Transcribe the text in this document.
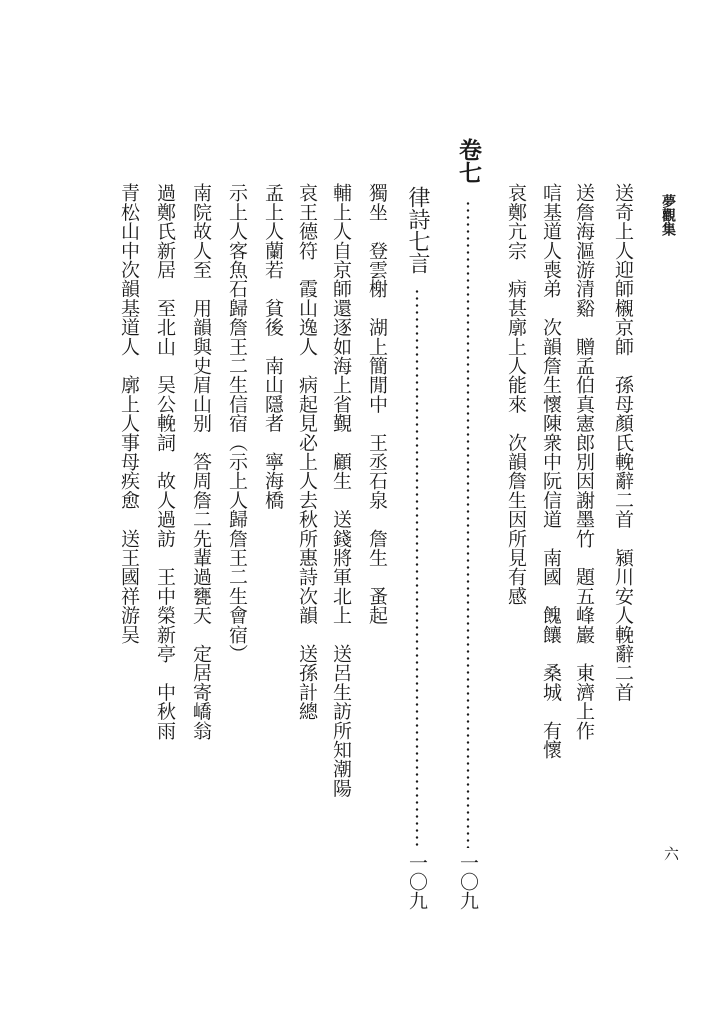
夢觀集
六
送奇上人迎師櫬京師　孫母顏氏輓辭二首　潁川安人輓辭二首
送詹海漚游清谿　贈孟伯真憲郎別因謝墨竹　題五峰巖　東濟上作
唁基道人喪弟　次韻詹生懷陳衆中阮信道　南國　餽饟　桑城　有懷
哀鄭亢宗　病甚廓上人能來　次韻詹生因所見有感
卷七
一〇九
律詩七言
一〇九
獨坐　登雲榭　湖上簡閒中　王丞石泉　詹生　蚤起
輔上人自京師還逐如海上省覲　顧生　送錢將軍北上　送呂生訪所知潮陽
哀王德符　霞山逸人　病起見必上人去秋所惠詩次韻　送孫計總
孟上人蘭若　貧後　南山隱者　寧海橋
示上人客魚石歸詹王二生信宿（示上人歸詹王二生會宿）
南院故人至　用韻與史眉山别　答周詹二先輩過甕天　定居寄嶠翁
過鄭氏新居　至北山　吴公輓詞　故人過訪　王中榮新亭　中秋雨
青松山中次韻基道人　廓上人事母疾愈　送王國祥游吴
